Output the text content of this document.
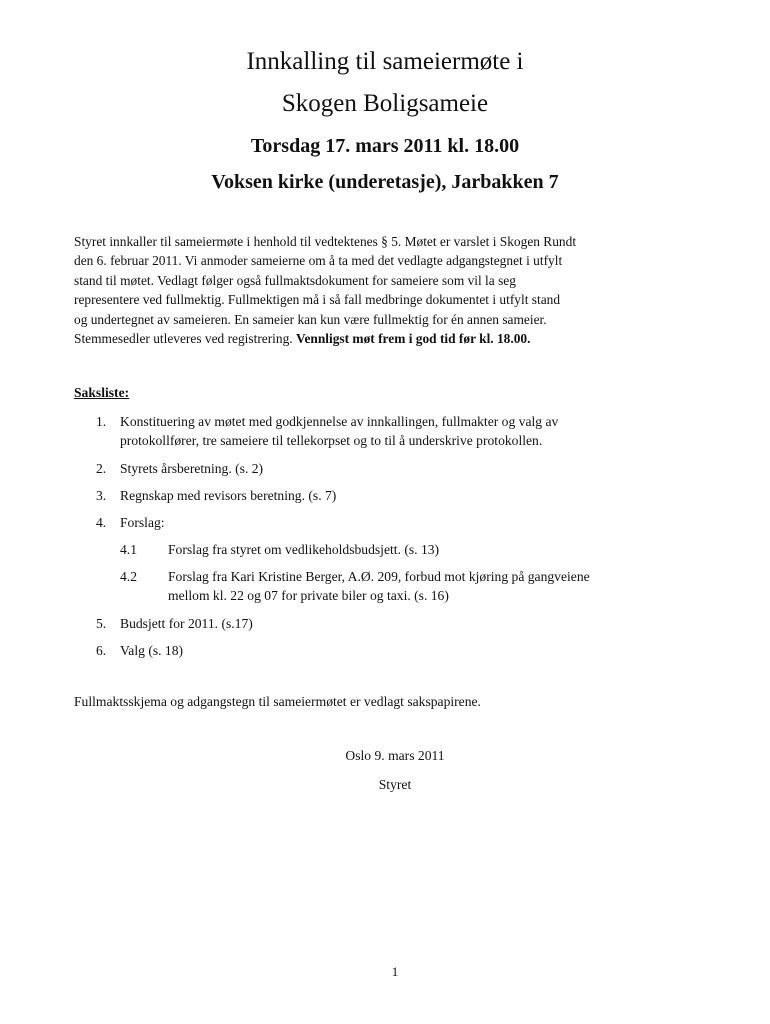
Innkalling til sameiermøte i
Skogen Boligsameie
Torsdag 17. mars 2011 kl. 18.00
Voksen kirke (underetasje), Jarbakken 7
Styret innkaller til sameiermøte i henhold til vedtektenes § 5. Møtet er varslet i Skogen Rundt
den 6. februar 2011. Vi anmoder sameierne om å ta med det vedlagte adgangstegnet i utfylt
stand til møtet. Vedlagt følger også fullmaktsdokument for sameiere som vil la seg
representere ved fullmektig. Fullmektigen må i så fall medbringe dokumentet i utfylt stand
og undertegnet av sameieren. En sameier kan kun være fullmektig for én annen sameier.
Stemmesedler utleveres ved registrering. Vennligst møt frem i god tid før kl. 18.00.
Saksliste:
1.	Konstituering av møtet med godkjennelse av innkallingen, fullmakter og valg av
protokollfører, tre sameiere til tellekorpset og to til å underskrive protokollen.
2.	Styrets årsberetning. (s. 2)
3.	Regnskap med revisors beretning. (s. 7)
4.	Forslag:
4.1	Forslag fra styret om vedlikeholdsbudsjett. (s. 13)
4.2	Forslag fra Kari Kristine Berger, A.Ø. 209, forbud mot kjøring på gangveiene
mellom kl. 22 og 07 for private biler og taxi. (s. 16)
5.	Budsjett for 2011. (s.17)
6.	Valg (s. 18)
Fullmaktsskjema og adgangstegn til sameiermøtet er vedlagt sakspapirene.
Oslo 9. mars 2011
Styret
1
